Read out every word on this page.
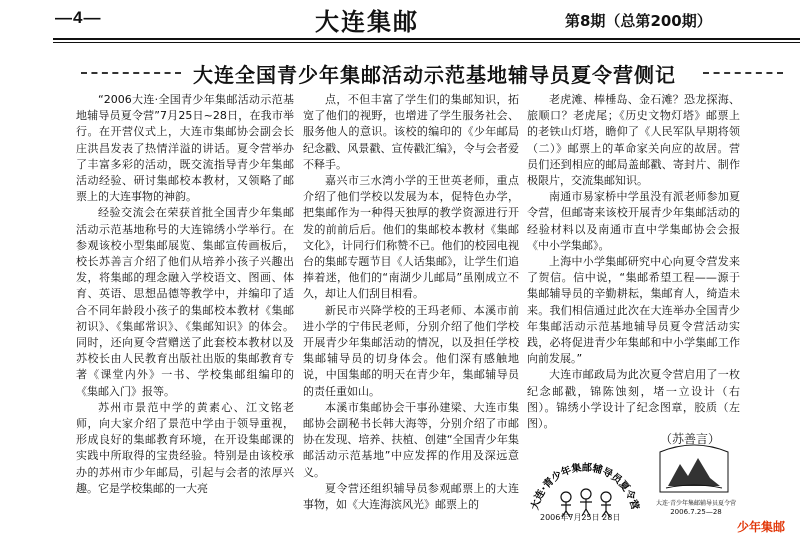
—4—	大连集邮	第8期（总第200期）
大连全国青少年集邮活动示范基地辅导员夏令营侧记

“2006大连·全国青少年集邮活动示范基地辅导员夏令营”7月25日~28日，在我市举行。在开营仪式上，大连市集邮协会副会长庄洪昌发表了热情洋溢的讲话。夏令营举办了丰富多彩的活动，既交流指导青少年集邮活动经验、研讨集邮校本教材，又领略了邮票上的大连事物的神韵。

经验交流会在荣获首批全国青少年集邮活动示范基地称号的大连锦绣小学举行。在参观该校小型集邮展览、集邮宣传画板后，校长苏善言介绍了他们从培养小孩子兴趣出发，将集邮的理念融入学校语文、图画、体育、英语、思想品德等教学中，并编印了适合不同年龄段小孩子的集邮校本教材《集邮初识》、《集邮常识》、《集邮知识》的体会。同时，还向夏令营赠送了此套校本教材以及苏校长由人民教育出版社出版的集邮教育专著《课堂内外》一书、学校集邮组编印的《集邮入门》报等。

苏州市景范中学的黄素心、江文铭老师，向大家介绍了景范中学由于领导重视，形成良好的集邮教育环境，在开设集邮课的实践中所取得的宝贵经验。特别是由该校承办的苏州市少年邮局，引起与会者的浓厚兴趣。它是学校集邮的一大亮

点，不但丰富了学生们的集邮知识，拓宽了他们的视野，也增进了学生服务社会、服务他人的意识。该校的编印的《少年邮局纪念戳、风景戳、宣传戳汇编》，令与会者爱不释手。

嘉兴市三水湾小学的王世英老师，重点介绍了他们学校以发展为本，促特色办学，把集邮作为一种得天独厚的教学资源进行开发的前前后后。他们的集邮校本教材《集邮文化》，计同行们称赞不已。他们的校园电视台的集邮专题节目《人话集邮》，让学生们追捧着迷，他们的“南湖少儿邮局”虽刚成立不久，却让人们刮目相看。

新民市兴降学校的王玛老师、本溪市前进小学的宁伟民老师，分别介绍了他们学校开展青少年集邮活动的情况，以及担任学校集邮辅导员的切身体会。他们深有感触地说，中国集邮的明天在青少年，集邮辅导员的责任重如山。

本溪市集邮协会干事孙建梁、大连市集邮协会副秘书长韩大海等，分别介绍了市邮协在发现、培养、扶植、创建“全国青少年集邮活动示范基地”中应发挥的作用及深远意义。

夏令营还组织辅导员参观邮票上的大连事物，如《大连海滨风光》邮票上的

老虎滩、棒棰岛、金石滩？恐龙探海、旅顺口？老虎尾；《历史文物灯塔》邮票上的老铁山灯塔，瞻仰了《人民军队早期将领（二）》邮票上的革命家关向应的故居。营员们还到相应的邮局盖邮戳、寄封片、制作极限片，交流集邮知识。

南通市易家桥中学虽没有派老师参加夏令营，但邮寄来该校开展青少年集邮活动的经验材料以及南通市直中学集邮协会会报《中小学集邮》。

上海中小学集邮研究中心向夏令营发来了贺信。信中说，“集邮希望工程——源于集邮辅导员的辛勤耕耘，集邮育人，绮造未来。我们相信通过此次在大连举办全国青少年集邮活动示范基地辅导员夏令营活动实践，必将促进青少年集邮和中小学集邮工作向前发展。”

大连市邮政局为此次夏令营启用了一枚纪念邮戳，锦陈蚀刻，堵一立设计（右图）。锦绣小学设计了纪念图章，胶质（左图）。

（苏善言）
大连·青少年集邮辅导员夏令营
2006年7月25日 28日
大连·青少年集邮辅导员夏令营
2006.7.25—28
少年集邮
